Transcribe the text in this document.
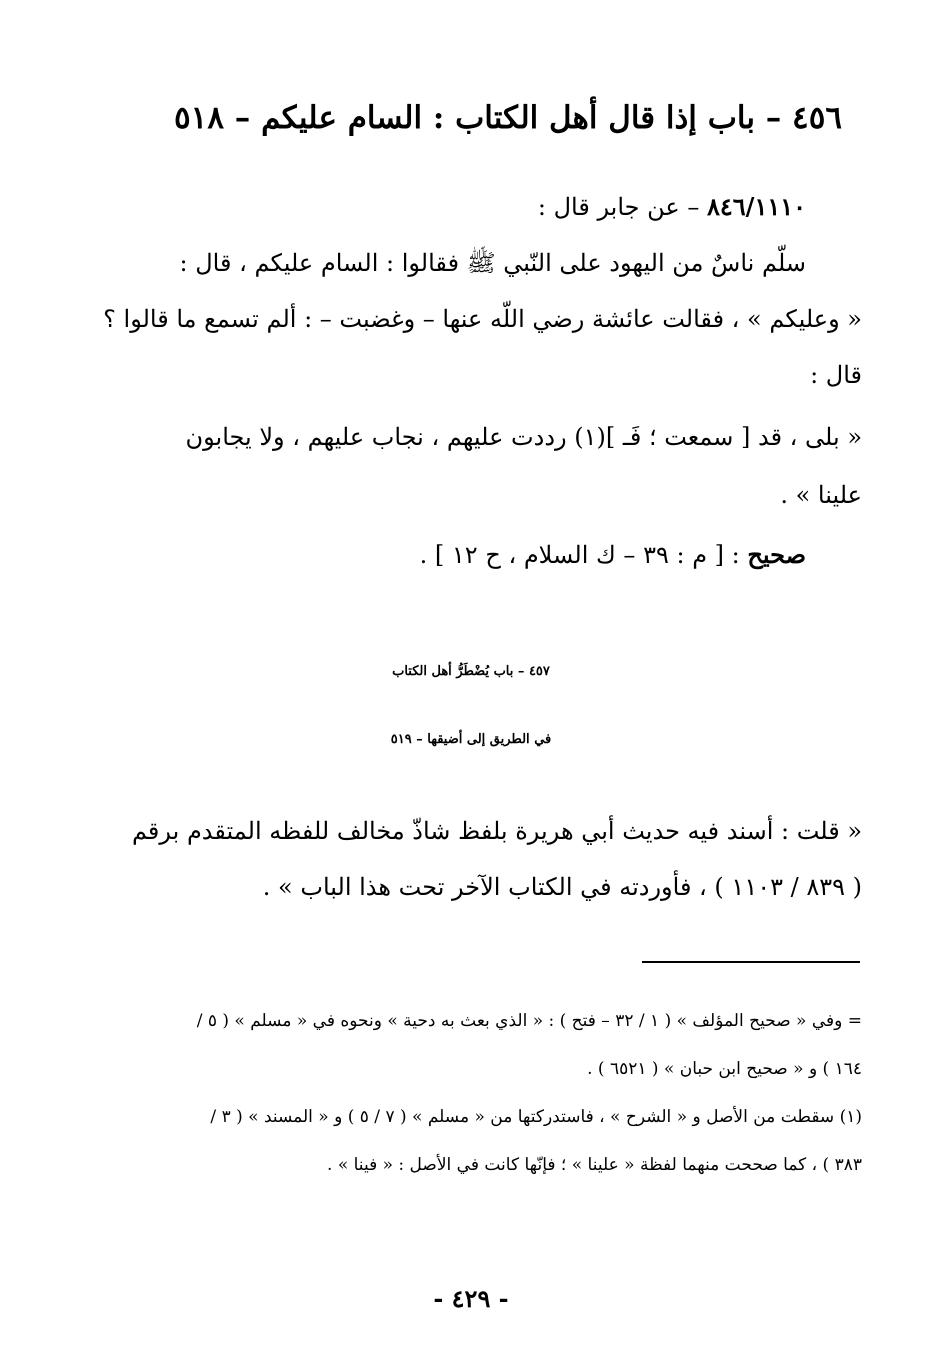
٤٥٦ – باب إذا قال أهل الكتاب : السام عليكم – ٥١٨
٨٤٦/١١١٠ – عن جابر قال :
سلّم ناسٌ من اليهود على النّبي ﷺ فقالوا : السام عليكم ، قال :
« وعليكم » ، فقالت عائشة رضي اللّه عنها – وغضبت – : ألم تسمع ما قالوا ؟
قال :
« بلى ، قد [ سمعت ؛ فَـ ](١) رددت عليهم ، نجاب عليهم ، ولا يجابون
علينا » .
صحيح : [ م : ٣٩ – ك السلام ، ح ١٢ ] .
٤٥٧ – باب يُضْطَرُّ أهل الكتاب
في الطريق إلى أضيقها – ٥١٩
« قلت : أسند فيه حديث أبي هريرة بلفظ شاذّ مخالف للفظه المتقدم برقم
( ٨٣٩ / ١١٠٣ ) ، فأوردته في الكتاب الآخر تحت هذا الباب » .
= وفي « صحيح المؤلف » ( ١ / ٣٢ – فتح ) : « الذي بعث به دحية » ونحوه في « مسلم » ( ٥ /
١٦٤ ) و « صحيح ابن حبان » ( ٦٥٢١ ) .
(١) سقطت من الأصل و « الشرح » ، فاستدركتها من « مسلم » ( ٧ / ٥ ) و « المسند » ( ٣ /
٣٨٣ ) ، كما صححت منهما لفظة « علينا » ؛ فإنّها كانت في الأصل : « فينا » .
- ٤٢٩ -
